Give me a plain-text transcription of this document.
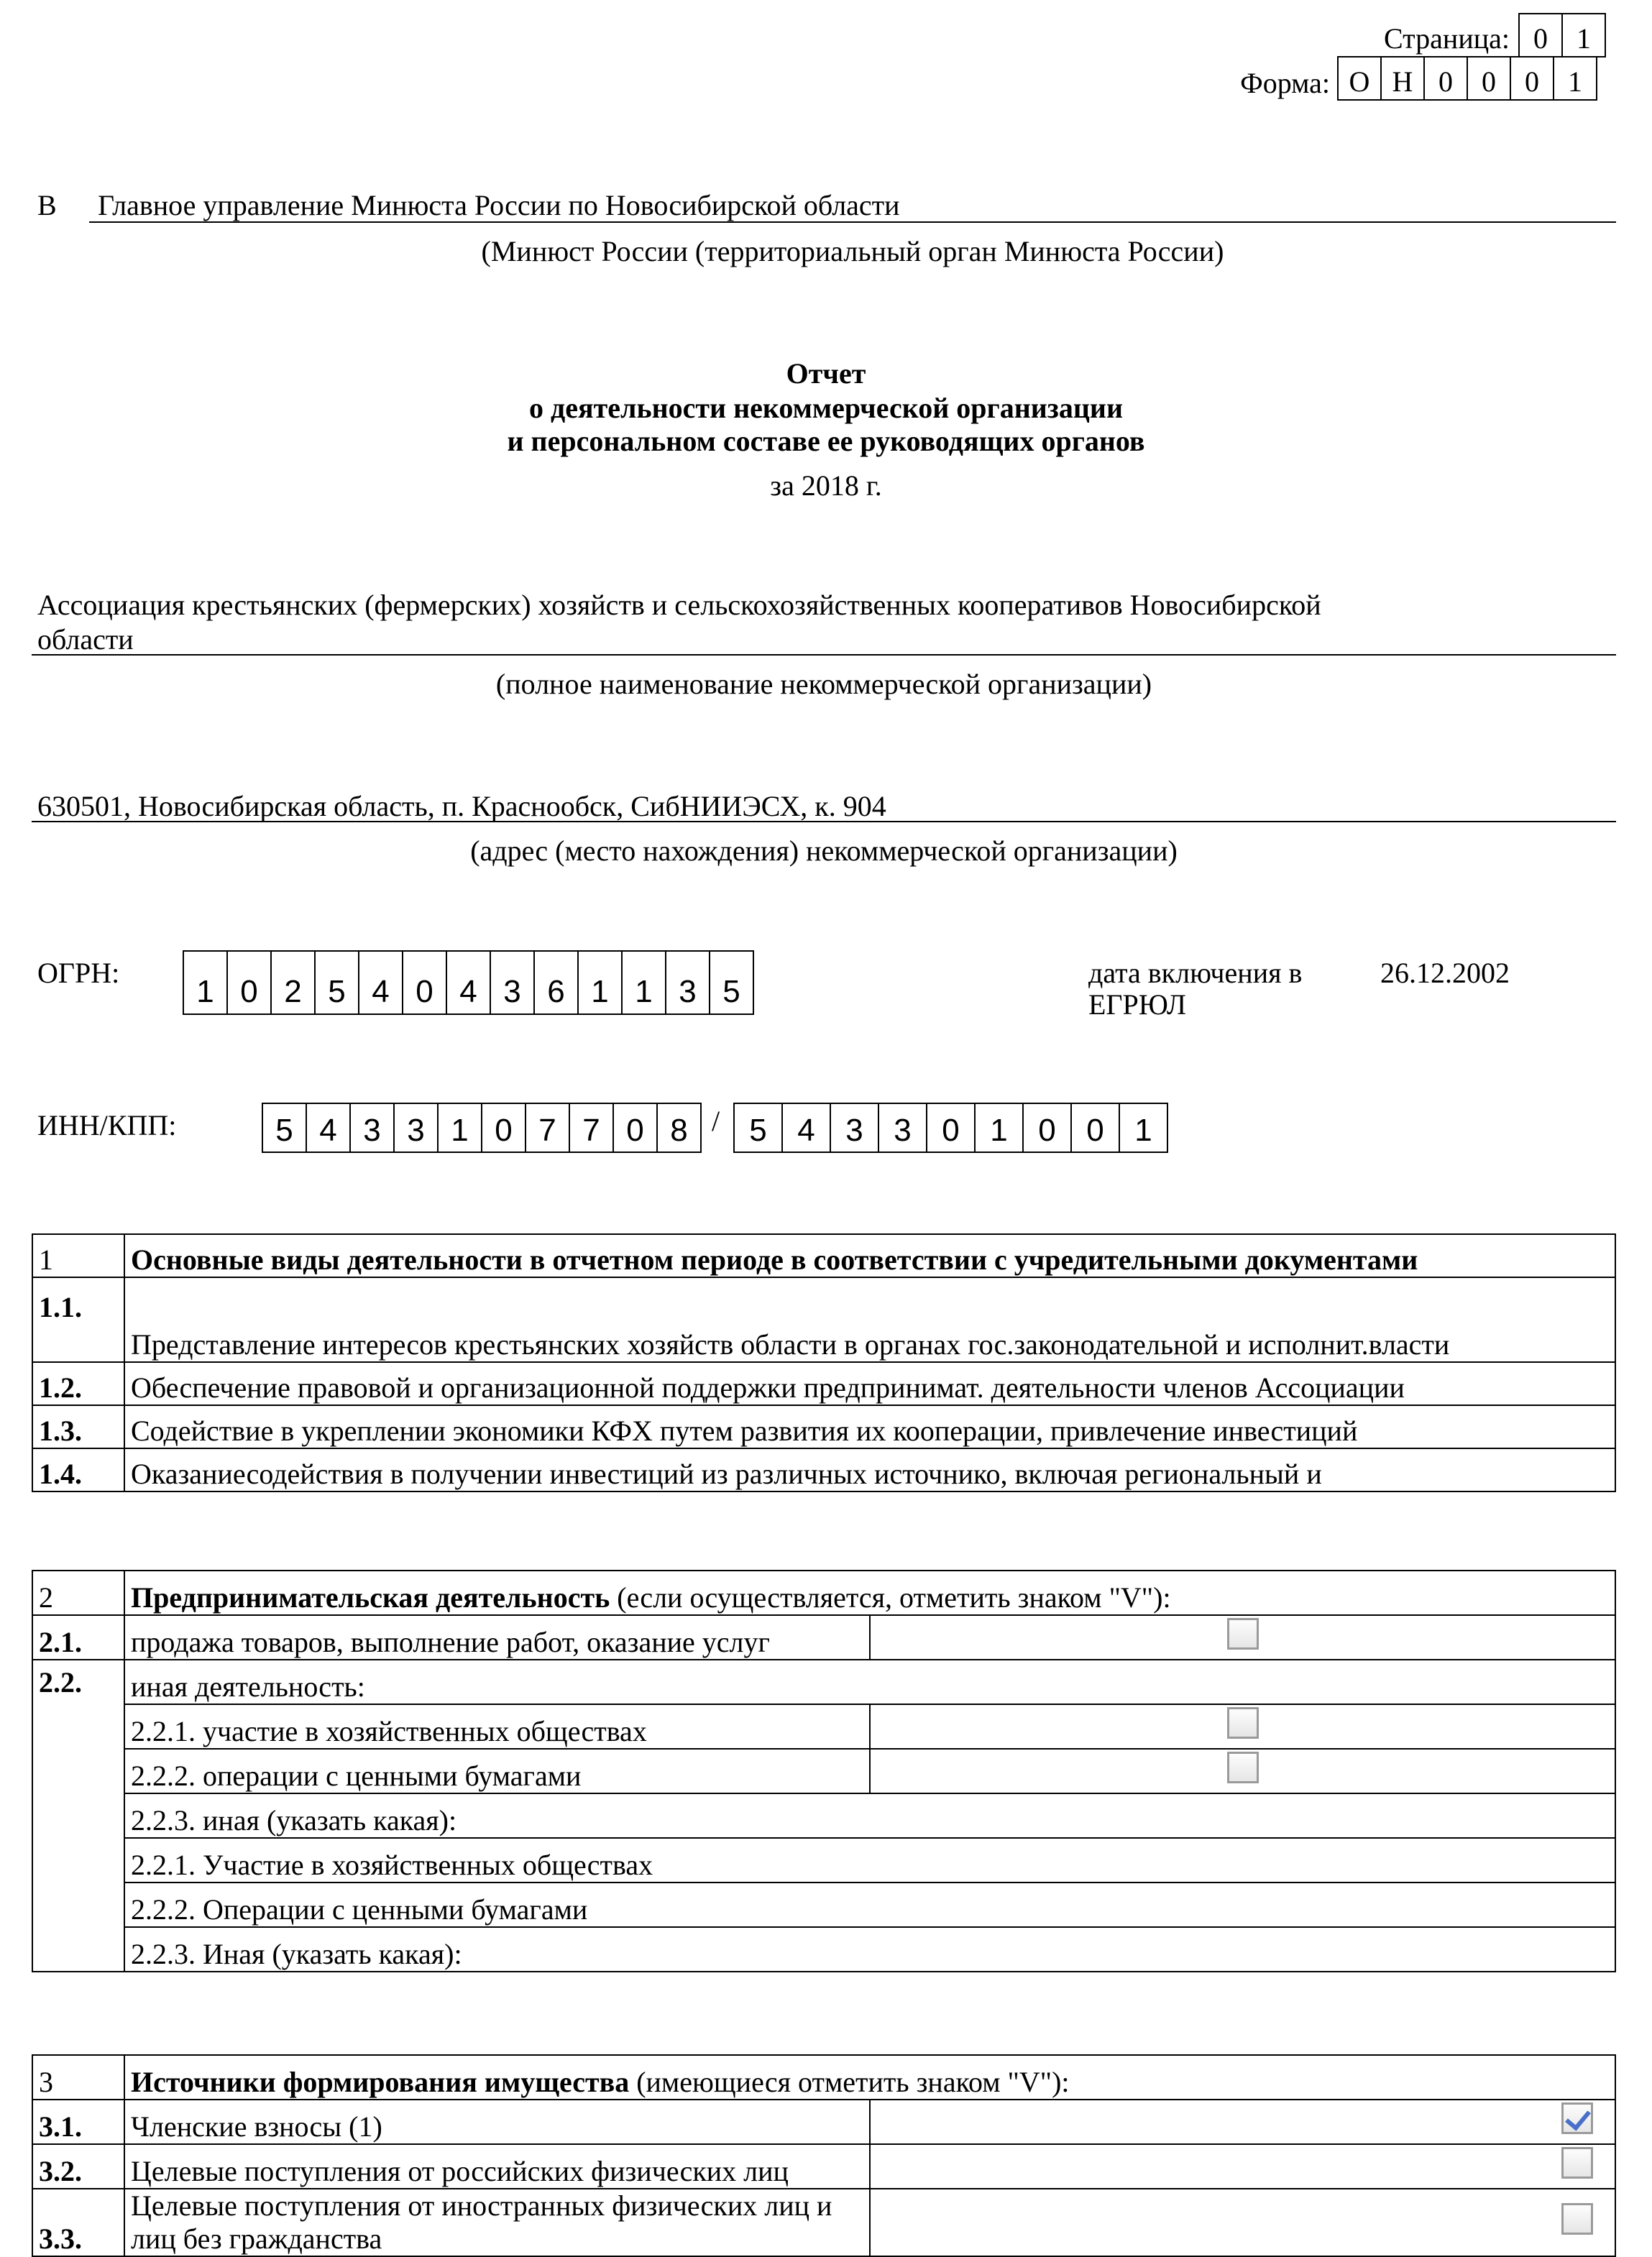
Страница: 0	1
Форма: О Н 0	0	0	1
В Главное управление Минюста России по Новосибирской области
(Минюст России (территориальный орган Минюста России)
Отчет
о деятельности некоммерческой организации
и персональном составе ее руководящих органов
за 2018 г.
Ассоциация крестьянских (фермерских) хозяйств и сельскохозяйственных кооперативов Новосибирской
области
(полное наименование некоммерческой организации)
630501, Новосибирская область, п. Краснообск, СибНИИЭСХ, к. 904
(адрес (место нахождения) некоммерческой организации)
ОГРН:
1 0 2 5 4 0 4 3 6 1 1 3 5
дата включения в
ЕГРЮЛ
26.12.2002
ИНН/КПП:	5 4 3 3 1 0 7 7 0 8 / 5 4 3 3 0 1 0 0 1
1	Основные виды деятельности в отчетном периоде в соответствии с учредительными документами
1.1.	Представление интересов крестьянских хозяйств области в органах гос.законодательной и исполнит.власти
1.2.	Обеспечение правовой и организационной поддержки предпринимат. деятельности членов Ассоциации
1.3.	Содействие в укреплении экономики КФХ путем развития их кооперации, привлечение инвестиций
1.4.	Оказаниесодействия в получении инвестиций из различных источнико, включая региональный и
2	Предпринимательская деятельность (если осуществляется, отметить знаком "V"):	
2.1.	продажа товаров, выполнение работ, оказание услуг	
2.2.	иная деятельность:	
	2.2.1. участие в хозяйственных обществах	
	2.2.2. операции с ценными бумагами	
	2.2.3. иная (указать какая):	
	2.2.1. Участие в хозяйственных обществах	
	2.2.2. Операции с ценными бумагами	
	2.2.3. Иная (указать какая):	
3	Источники формирования имущества (имеющиеся отметить знаком "V"):	
3.1.	Членские взносы (1)	
3.2.	Целевые поступления от российских физических лиц	
3.3.	Целевые поступления от иностранных физических лиц и лиц без гражданства	
